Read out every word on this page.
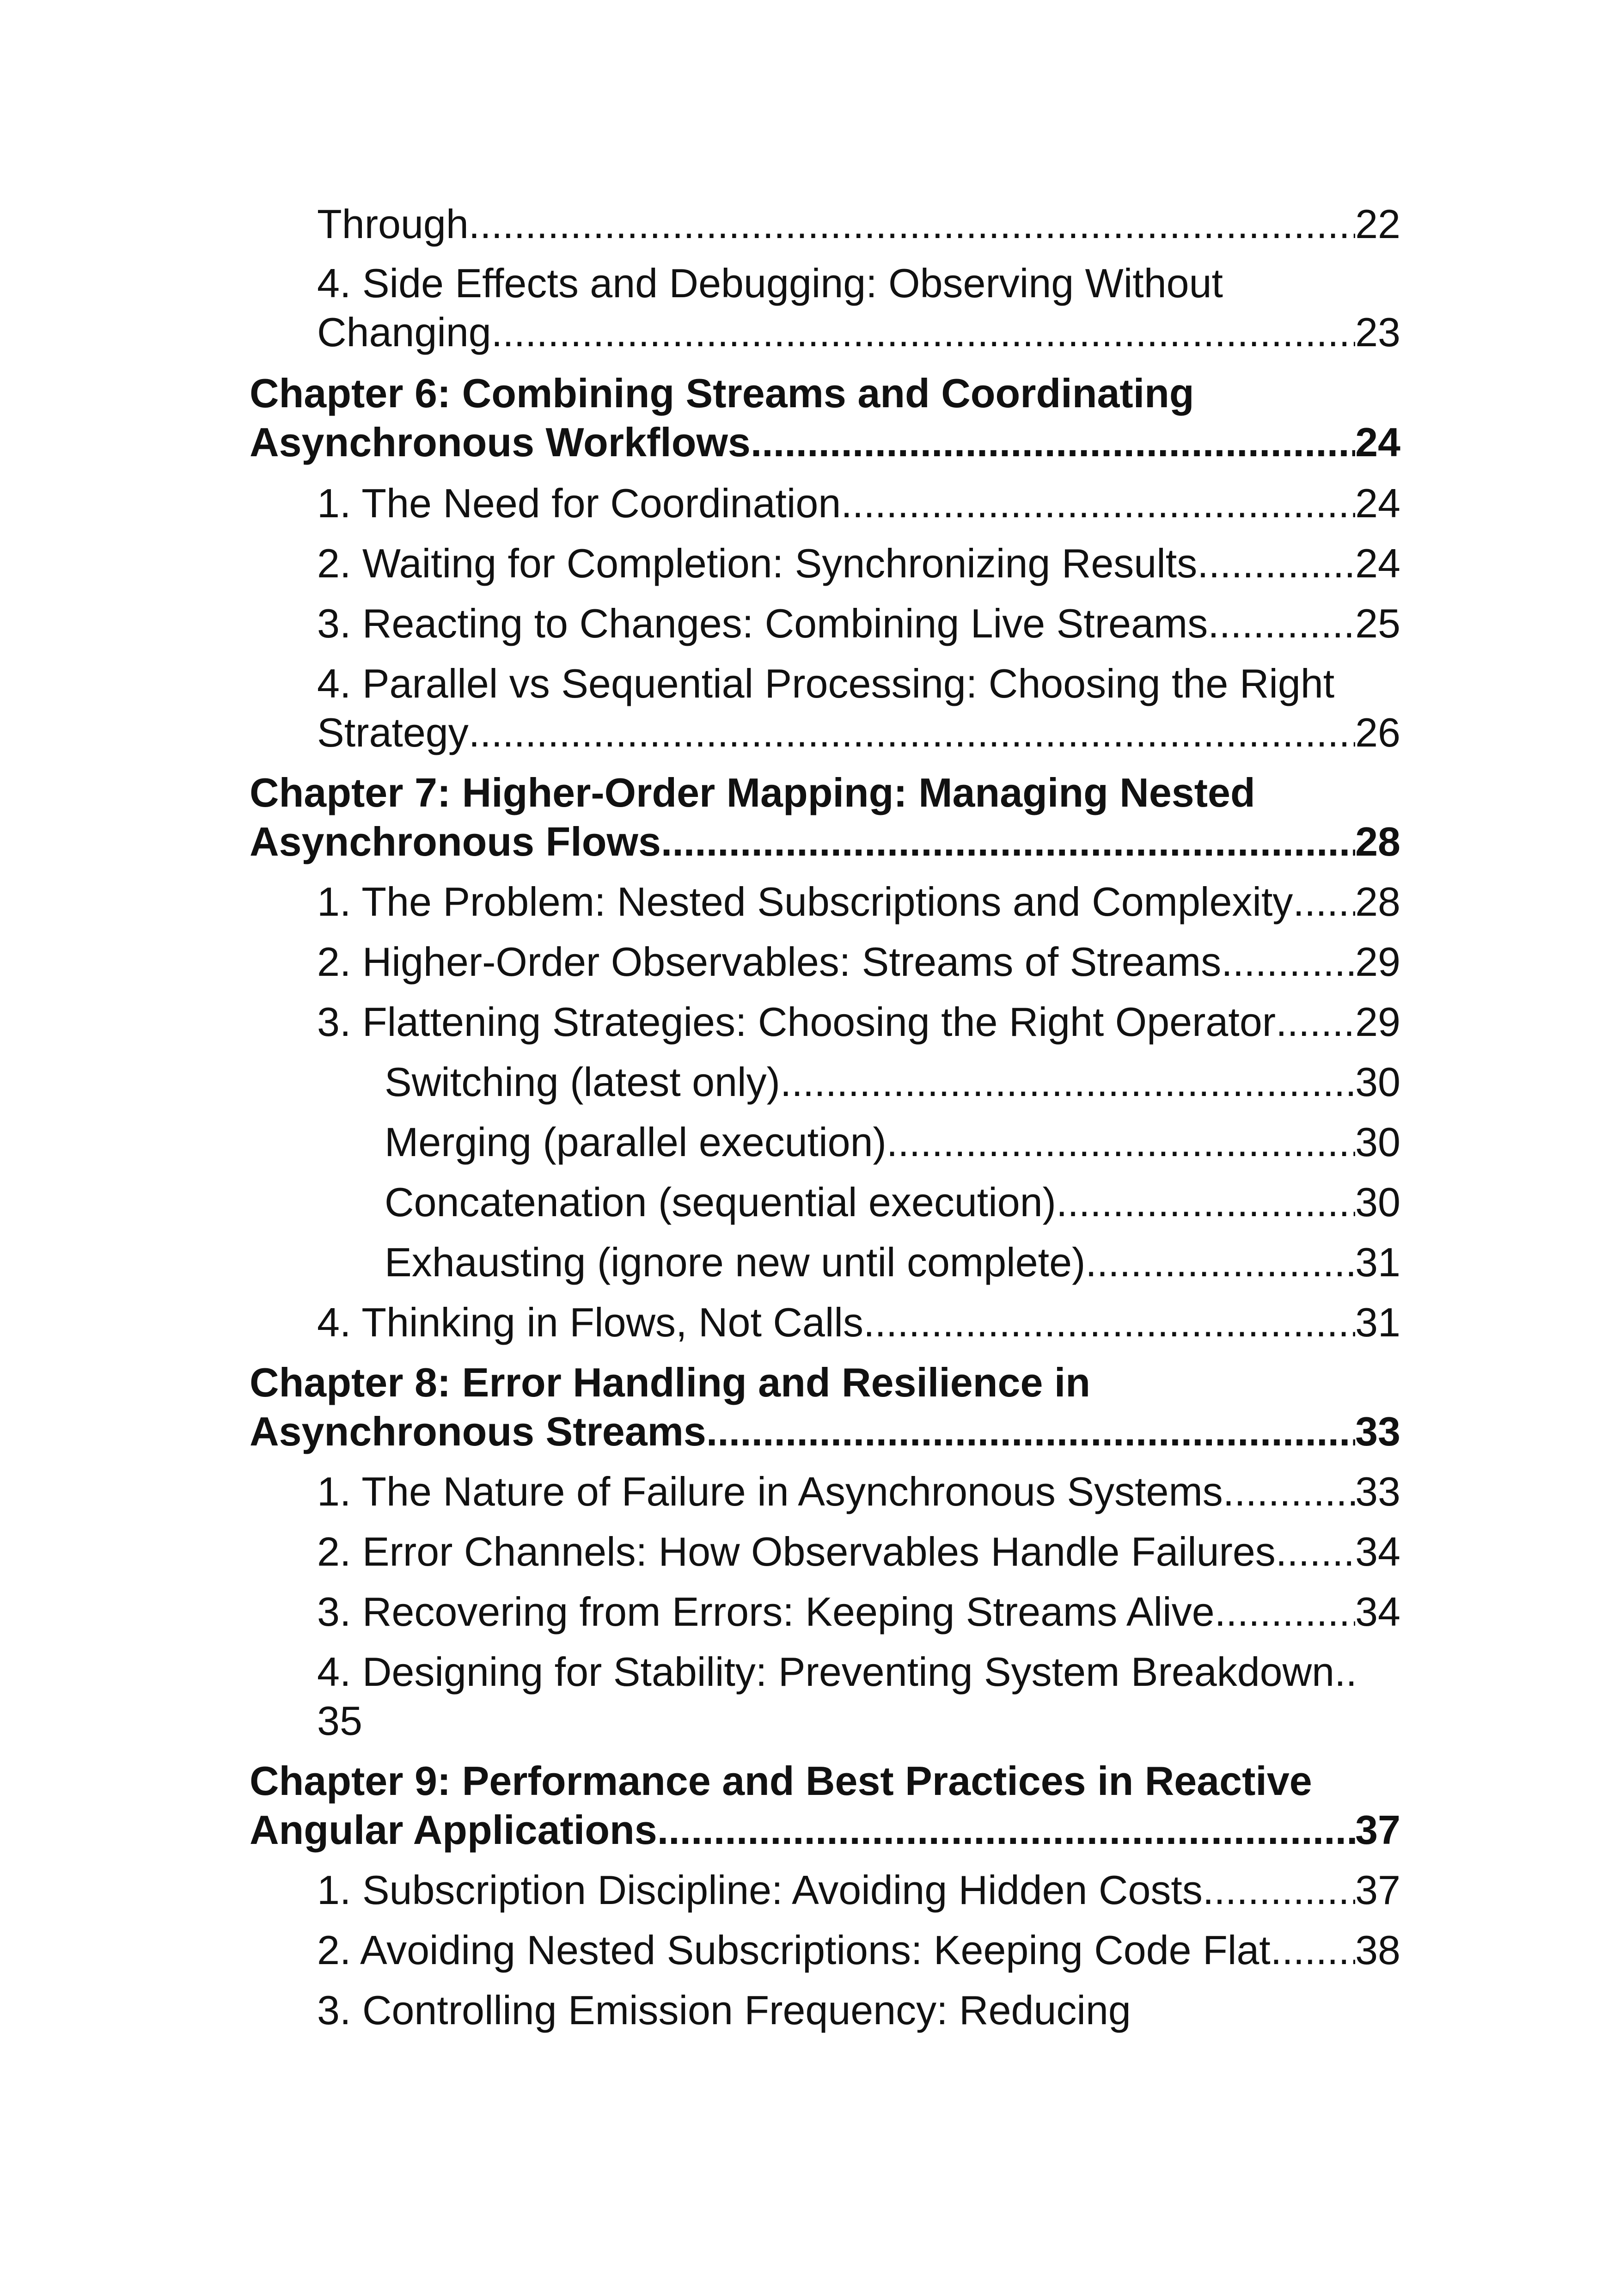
Through .....	22
4. Side Effects and Debugging: Observing Without
Changing .....	23
Chapter 6: Combining Streams and Coordinating
Asynchronous Workflows .....	24
1. The Need for Coordination .....	24
2. Waiting for Completion: Synchronizing Results .....	24
3. Reacting to Changes: Combining Live Streams .....	25
4. Parallel vs Sequential Processing: Choosing the Right
Strategy .....	26
Chapter 7: Higher-Order Mapping: Managing Nested
Asynchronous Flows .....	28
1. The Problem: Nested Subscriptions and Complexity ..... 28
2. Higher-Order Observables: Streams of Streams .....	29
3. Flattening Strategies: Choosing the Right Operator ..... 29
Switching (latest only) .....	30
Merging (parallel execution) .....	30
Concatenation (sequential execution) .....	30
Exhausting (ignore new until complete) .....	31
4. Thinking in Flows, Not Calls .....	31
Chapter 8: Error Handling and Resilience in
Asynchronous Streams .....	33
1. The Nature of Failure in Asynchronous Systems .....	33
2. Error Channels: How Observables Handle Failures ..... 34
3. Recovering from Errors: Keeping Streams Alive .....	34
4. Designing for Stability: Preventing System Breakdown..
35
Chapter 9: Performance and Best Practices in Reactive
Angular Applications .....	37
1. Subscription Discipline: Avoiding Hidden Costs .....	37
2. Avoiding Nested Subscriptions: Keeping Code Flat ..... 38
3. Controlling Emission Frequency: Reducing
